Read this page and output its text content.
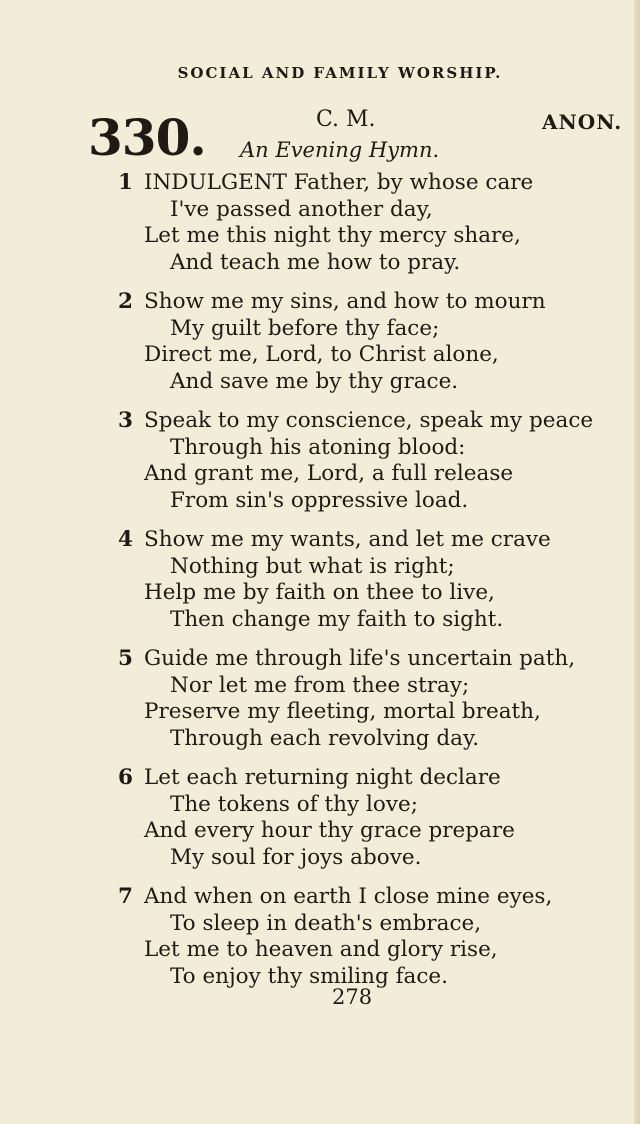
SOCIAL AND FAMILY WORSHIP.
330.	C. M.	ANON.
An Evening Hymn.
1 INDULGENT Father, by whose care
I've passed another day,
Let me this night thy mercy share,
And teach me how to pray.
2 Show me my sins, and how to mourn
My guilt before thy face;
Direct me, Lord, to Christ alone,
And save me by thy grace.
3 Speak to my conscience, speak my peace
Through his atoning blood:
And grant me, Lord, a full release
From sin's oppressive load.
4 Show me my wants, and let me crave
Nothing but what is right;
Help me by faith on thee to live,
Then change my faith to sight.
5 Guide me through life's uncertain path,
Nor let me from thee stray;
Preserve my fleeting, mortal breath,
Through each revolving day.
6 Let each returning night declare
The tokens of thy love;
And every hour thy grace prepare
My soul for joys above.
7 And when on earth I close mine eyes,
To sleep in death's embrace,
Let me to heaven and glory rise,
To enjoy thy smiling face.
278
